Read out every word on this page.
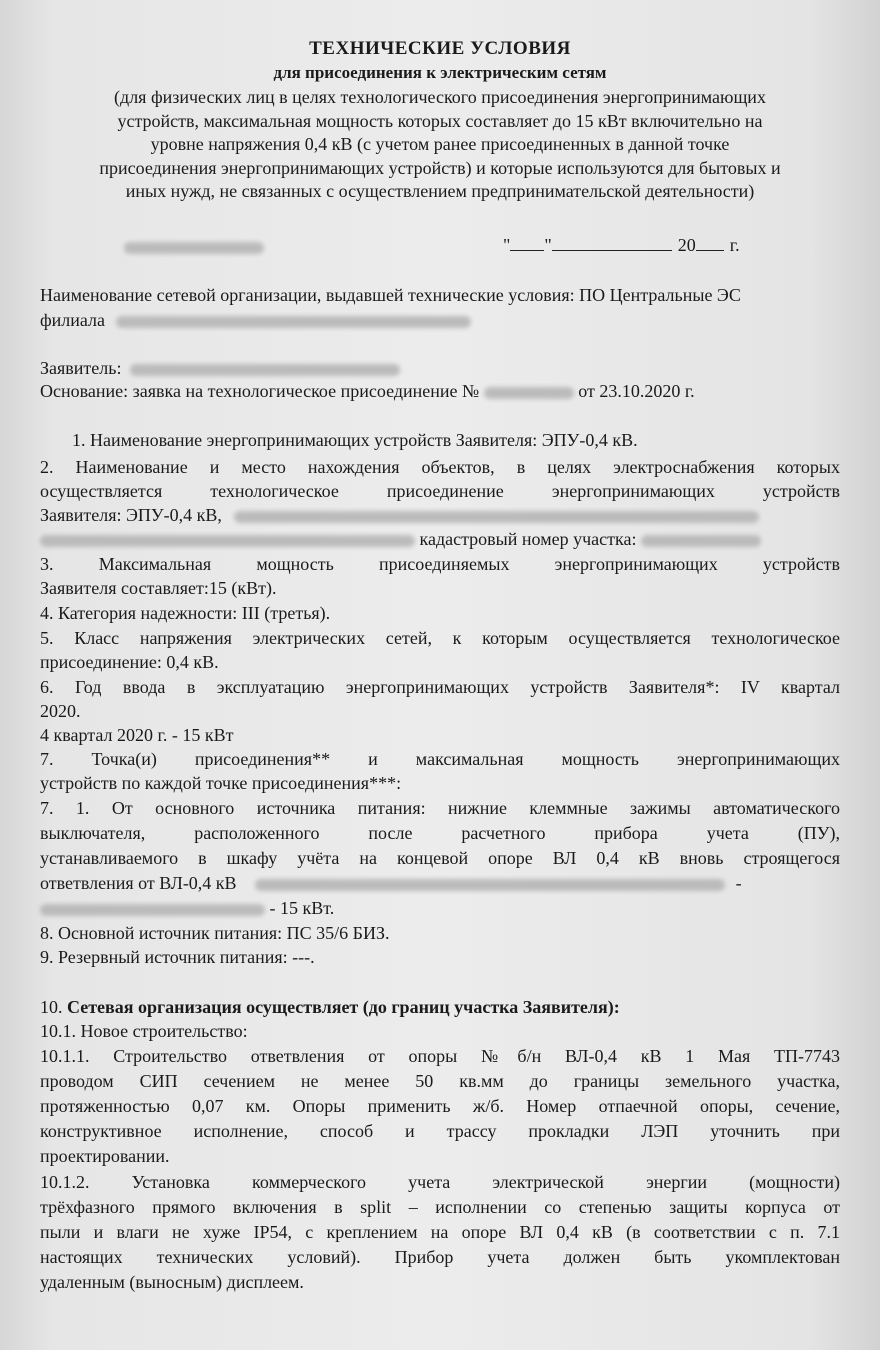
ТЕХНИЧЕСКИЕ УСЛОВИЯ
для присоединения к электрическим сетям
(для физических лиц в целях технологического присоединения энергопринимающих
устройств, максимальная мощность которых составляет до 15 кВт включительно на
уровне напряжения 0,4 кВ (с учетом ранее присоединенных в данной точке
присоединения энергопринимающих устройств) и которые используются для бытовых и
иных нужд, не связанных с осуществлением предпринимательской деятельности)
" "	20 г.
Наименование сетевой организации, выдавшей технические условия: ПО Центральные ЭС
филиала
Заявитель:
Основание: заявка на технологическое присоединение №	от 23.10.2020 г.
1. Наименование энергопринимающих устройств Заявителя: ЭПУ-0,4 кВ.
2. Наименование и место нахождения объектов, в целях электроснабжения которых
осуществляется технологическое присоединение энергопринимающих устройств
Заявителя: ЭПУ-0,4 кВ,
кадастровый номер участка:
3. Максимальная мощность присоединяемых энергопринимающих устройств
Заявителя составляет:15 (кВт).
4. Категория надежности: III (третья).
5. Класс напряжения электрических сетей, к которым осуществляется технологическое
присоединение: 0,4 кВ.
6. Год ввода в эксплуатацию энергопринимающих устройств Заявителя*: IV квартал
2020.
4 квартал 2020 г. - 15 кВт
7. Точка(и) присоединения** и максимальная мощность энергопринимающих
устройств по каждой точке присоединения***:
7. 1. От основного источника питания: нижние клеммные зажимы автоматического
выключателя, расположенного после расчетного прибора учета (ПУ),
устанавливаемого в шкафу учёта на концевой опоре ВЛ 0,4 кВ вновь строящегося
ответвления от ВЛ-0,4 кВ	-
- 15 кВт.
8. Основной источник питания: ПС 35/6 БИЗ.
9. Резервный источник питания: ---.
10. Сетевая организация осуществляет (до границ участка Заявителя):
10.1. Новое строительство:
10.1.1. Строительство ответвления от опоры №б/н ВЛ-0,4 кВ 1 Мая ТП-7743
проводом СИП сечением не менее 50 кв.мм до границы земельного участка,
протяженностью 0,07 км. Опоры применить ж/б. Номер отпаечной опоры, сечение,
конструктивное исполнение, способ и трассу прокладки ЛЭП уточнить при
проектировании.
10.1.2. Установка коммерческого учета электрической энергии (мощности)
трёхфазного прямого включения в split – исполнении со степенью защиты корпуса от
пыли и влаги не хуже IP54, с креплением на опоре ВЛ 0,4 кВ (в соответствии с п. 7.1
настоящих технических условий). Прибор учета должен быть укомплектован
удаленным (выносным) дисплеем.
